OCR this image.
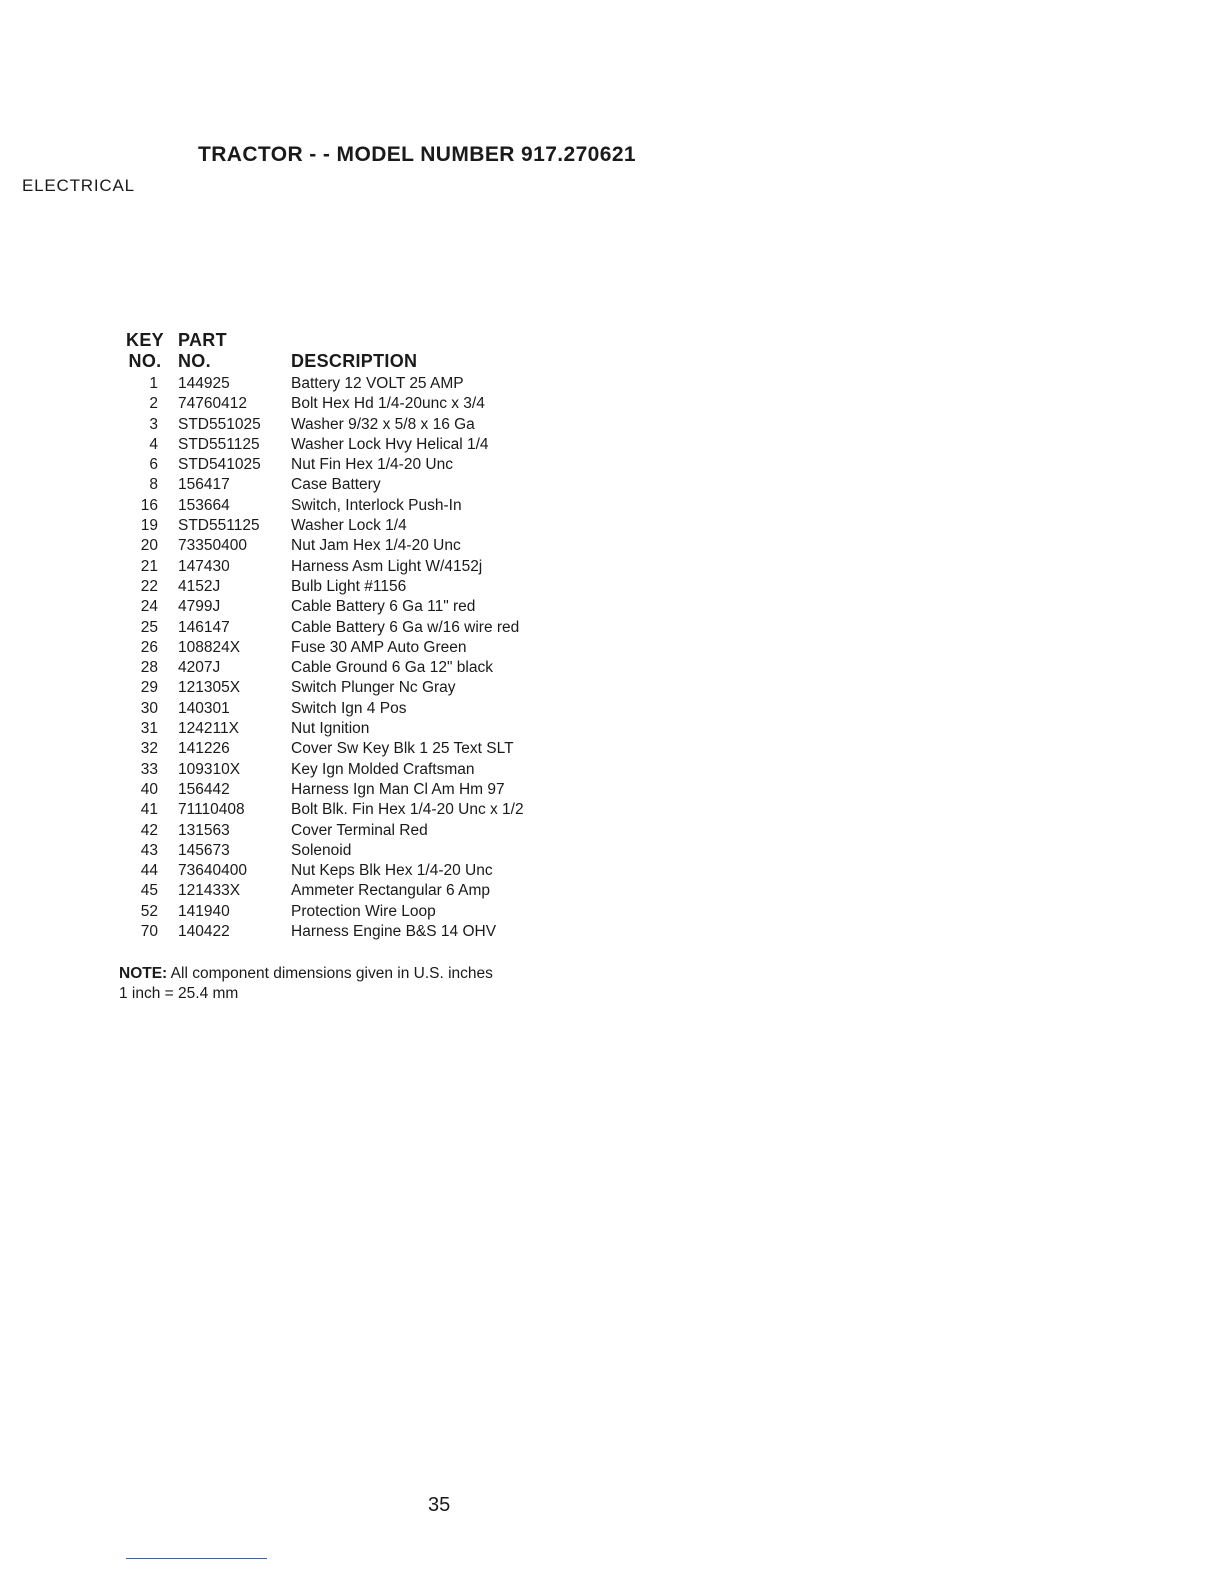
TRACTOR - - MODEL NUMBER 917.270621
ELECTRICAL
KEY	PART	
NO.	NO.	DESCRIPTION
1	144925	Battery 12 VOLT 25 AMP
2	74760412	Bolt Hex Hd 1/4-20unc x 3/4
3	STD551025	Washer 9/32 x 5/8 x 16 Ga
4	STD551125	Washer Lock Hvy Helical 1/4
6	STD541025	Nut Fin Hex 1/4-20 Unc
8	156417	Case Battery
16	153664	Switch, Interlock Push-In
19	STD551125	Washer Lock 1/4
20	73350400	Nut Jam Hex 1/4-20 Unc
21	147430	Harness Asm Light W/4152j
22	4152J	Bulb Light #1156
24	4799J	Cable Battery 6 Ga 11" red
25	146147	Cable Battery 6 Ga w/16 wire red
26	108824X	Fuse 30 AMP Auto Green
28	4207J	Cable Ground 6 Ga 12" black
29	121305X	Switch Plunger Nc Gray
30	140301	Switch Ign 4 Pos
31	124211X	Nut Ignition
32	141226	Cover Sw Key Blk 1 25 Text SLT
33	109310X	Key Ign Molded Craftsman
40	156442	Harness Ign Man Cl Am Hm 97
41	71110408	Bolt Blk. Fin Hex 1/4-20 Unc x 1/2
42	131563	Cover Terminal Red
43	145673	Solenoid
44	73640400	Nut Keps Blk Hex 1/4-20 Unc
45	121433X	Ammeter Rectangular 6 Amp
52	141940	Protection Wire Loop
70	140422	Harness Engine B&S 14 OHV

NOTE: All component dimensions given in U.S. inches
1 inch = 25.4 mm

35
